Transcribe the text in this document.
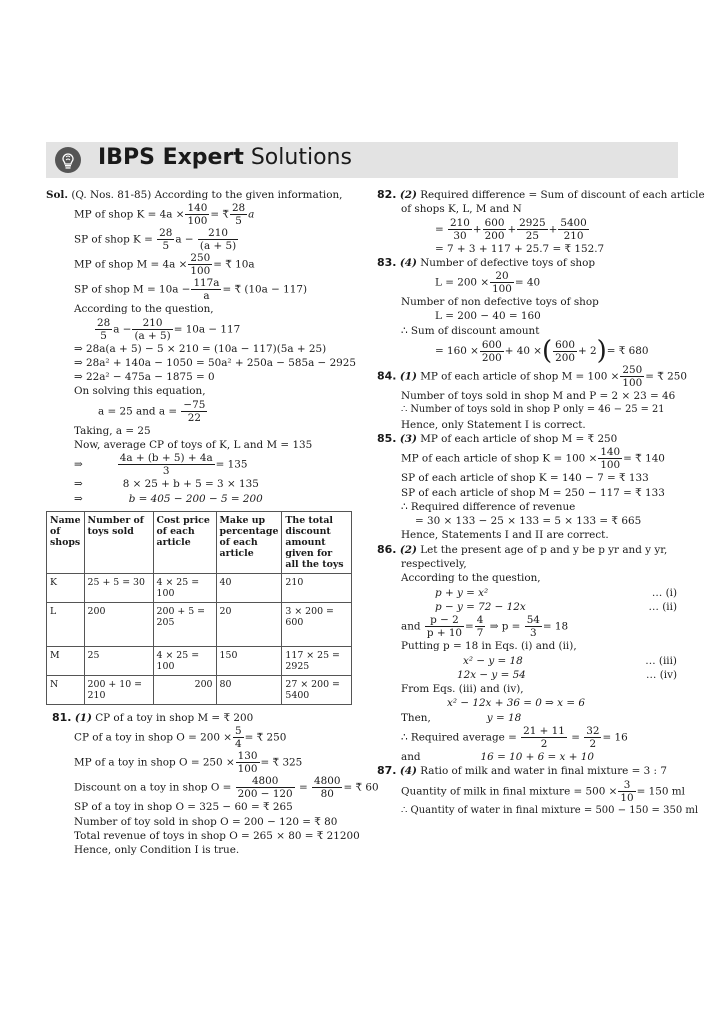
IBPS Expert Solutions
Sol. (Q. Nos. 81-85) According to the given information,
MP of shop $K = 4a \times \frac{140}{100}$ = ₹ $\frac{28}{5}$ a
SP of shop $K = \frac{28}{5}$ $a - \frac{210}{(a + 5)}$
MP of shop $M = 4a \times \frac{250}{100}$ = ₹ 10a
SP of shop $M = 10a - \frac{117a}{a}$ = ₹ (10a − 117)
According to the question,
$\frac{28}{5}$ $a - \frac{210}{(a + 5)} = 10a - 117$
⇒ 28a(a + 5) − 5 × 210 = (10a − 117)(5a + 25)
⇒ 28a² + 140a − 1050 = 50a² + 250a − 585a − 2925
⇒ 22a² − 475a − 1875 = 0
On solving this equation,
a = 25 and $a = \frac{-75}{22}$
Taking, a = 25
Now, average CP of toys of K, L and M = 135
⇒	$\frac{4a + (b + 5) + 4a}{3} = 135$
⇒	8 × 25 + b + 5 = 3 × 135
⇒	b = 405 − 200 − 5 = 200
Name of shops	Number of toys sold	Cost price of each article	Make up percentage of each article	The total discount amount given for all the toys
K	25 + 5 = 30	4 × 25 = 100	40	210
L	200	200 + 5 = 205	20	3 × 200 = 600
M	25	4 × 25 = 100	150	117 × 25 = 2925
N	200 + 10 = 210	200	80	27 × 200 = 5400
81. (1) CP of a toy in shop M = ₹ 200
CP of a toy in shop $O = 200 \times \frac{5}{4}$ = ₹ 250
MP of a toy in shop $O = 250 \times \frac{130}{100}$ = ₹ 325
Discount on a toy in shop $O = \frac{4800}{200 - 120} = \frac{4800}{80}$ = ₹ 60
SP of a toy in shop O = 325 − 60 = ₹ 265
Number of toy sold in shop O = 200 − 120 = ₹ 80
Total revenue of toys in shop O = 265 × 80 = ₹ 21200
Hence, only Condition I is true.
82. (2) Required difference = Sum of discount of each article
of shops K, L, M and N
= $\frac{210}{30} + \frac{600}{200} + \frac{2925}{25} + \frac{5400}{210}$
= 7 + 3 + 117 + 25.7 = ₹ 152.7
83. (4) Number of defective toys of shop
$L = 200 \times \frac{20}{100} = 40$
Number of non defective toys of shop
L = 200 − 40 = 160
∴ Sum of discount amount
= $160 \times \frac{600}{200} + 40$ ×( $\frac{600}{200} + 2)=$ ₹ 680
84. (1) MP of each article of shop $M = 100 \times \frac{250}{100}$ = ₹ 250
Number of toys sold in shop M and P = 2 × 23 = 46
∴ Number of toys sold in shop P only = 46 − 25 = 21
Hence, only Statement I is correct.
85. (3) MP of each article of shop M = ₹ 250
MP of each article of shop $K = 100 \times \frac{140}{100}$ = ₹ 140
SP of each article of shop K = 140 − 7 = ₹ 133
SP of each article of shop M = 250 − 117 = ₹ 133
∴ Required difference of revenue
= 30 × 133 − 25 × 133 = 5 × 133 = ₹ 665
Hence, Statements I and II are correct.
86. (2) Let the present age of p and y be p yr and y yr,
respectively,
According to the question,
p + y = x²	… (i)
p − y = 72 − 12x	… (ii)
and $\frac{p - 2}{p + 10} = \frac{4}{7}$ ⇒ $p = \frac{54}{3} = 18$
Putting p = 18 in Eqs. (i) and (ii),
x² − y = 18	… (iii)
12x − y = 54	… (iv)
From Eqs. (iii) and (iv),
x² − 12x + 36 = 0 ⇒ x = 6
Then,	y = 18
∴ Required average = $\frac{21 + 11}{2} = \frac{32}{2} = 16$
and	16 = 10 + 6 = x + 10
87. (4) Ratio of milk and water in final mixture = 3 : 7
Quantity of milk in final mixture = $500 \times \frac{3}{10} = 150$ ml
∴ Quantity of water in final mixture = 500 − 150 = 350 ml
